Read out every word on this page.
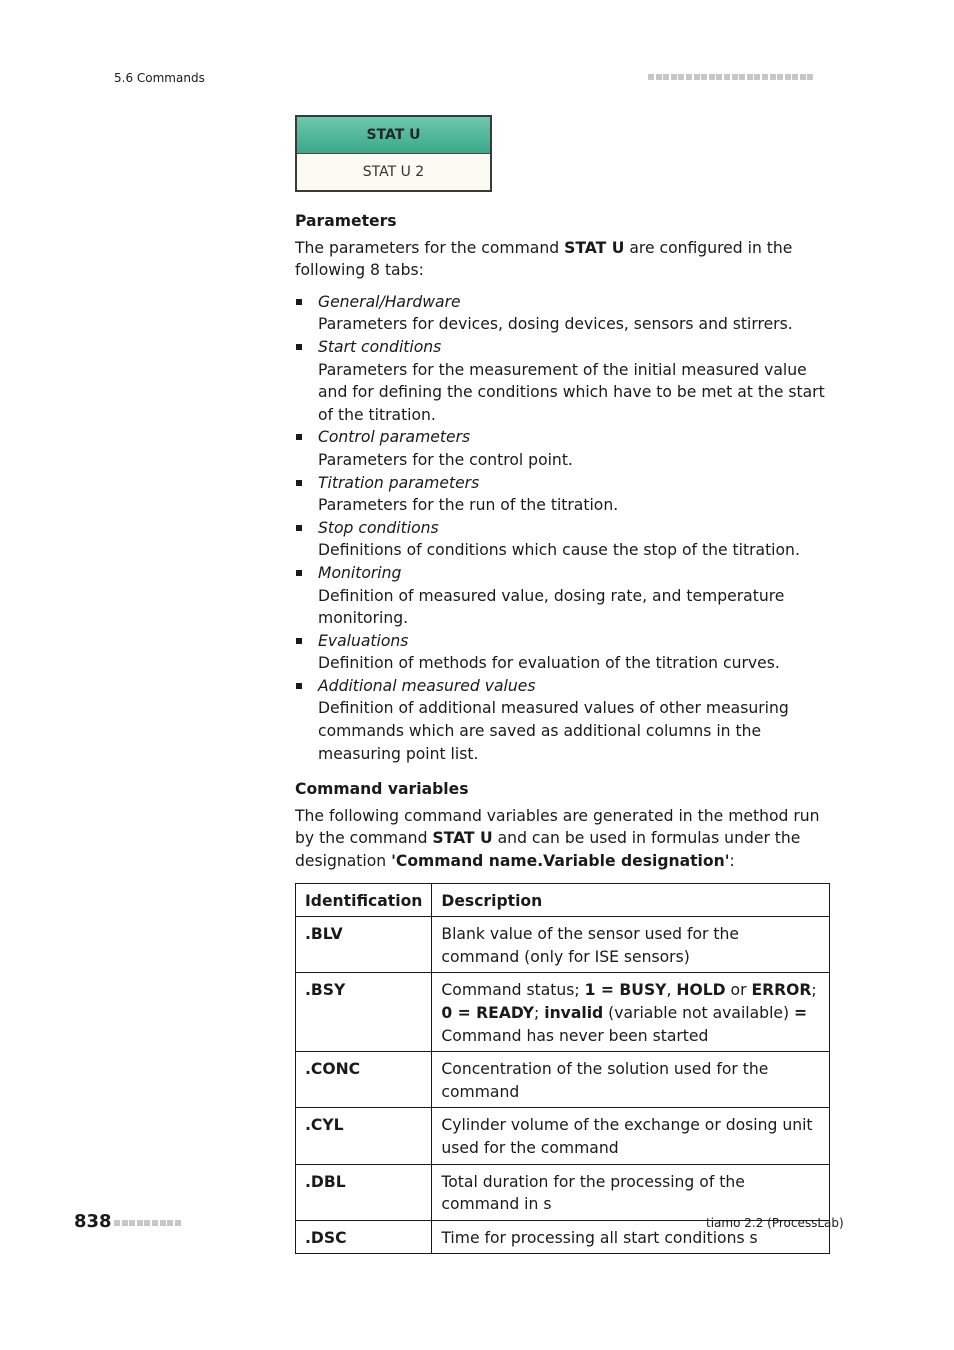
5.6 Commands
STAT U
STAT U 2
Parameters

The parameters for the command STAT U are configured in the following 8 tabs:

General/Hardware
Parameters for devices, dosing devices, sensors and stirrers.
Start conditions
Parameters for the measurement of the initial measured value and for defining the conditions which have to be met at the start of the titration.
Control parameters
Parameters for the control point.
Titration parameters
Parameters for the run of the titration.
Stop conditions
Definitions of conditions which cause the stop of the titration.
Monitoring
Definition of measured value, dosing rate, and temperature monitoring.
Evaluations
Definition of methods for evaluation of the titration curves.
Additional measured values
Definition of additional measured values of other measuring commands which are saved as additional columns in the measuring point list.
Command variables

The following command variables are generated in the method run by the command STAT U and can be used in formulas under the designation 'Command name.Variable designation':

Identification	Description
.BLV	Blank value of the sensor used for the command (only for ISE sensors)
.BSY	Command status; 1 = BUSY, HOLD or ERROR; 0 = READY; invalid (variable not available) = Command has never been started
.CONC	Concentration of the solution used for the command
.CYL	Cylinder volume of the exchange or dosing unit used for the command
.DBL	Total duration for the processing of the command in s
.DSC	Time for processing all start conditions s
838	tiamo 2.2 (ProcessLab)
